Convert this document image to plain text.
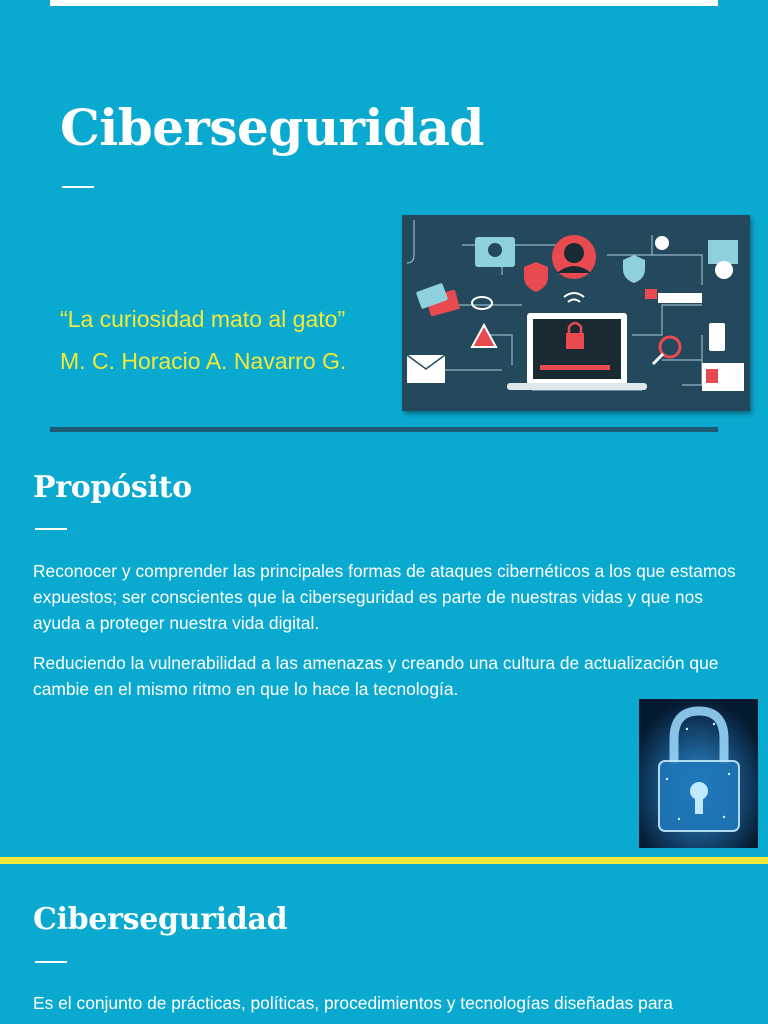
Ciberseguridad
“La curiosidad mato al gato”
M. C. Horacio A. Navarro G.
Propósito

Reconocer y comprender las principales formas de ataques cibernéticos a los que estamos expuestos; ser conscientes que la ciberseguridad es parte de nuestras vidas y que nos ayuda a proteger nuestra vida digital.

Reduciendo la vulnerabilidad a las amenazas y creando una cultura de actualización que cambie en el mismo ritmo en que lo hace la tecnología.

Ciberseguridad

Es el conjunto de prácticas, políticas, procedimientos y tecnologías diseñadas para
